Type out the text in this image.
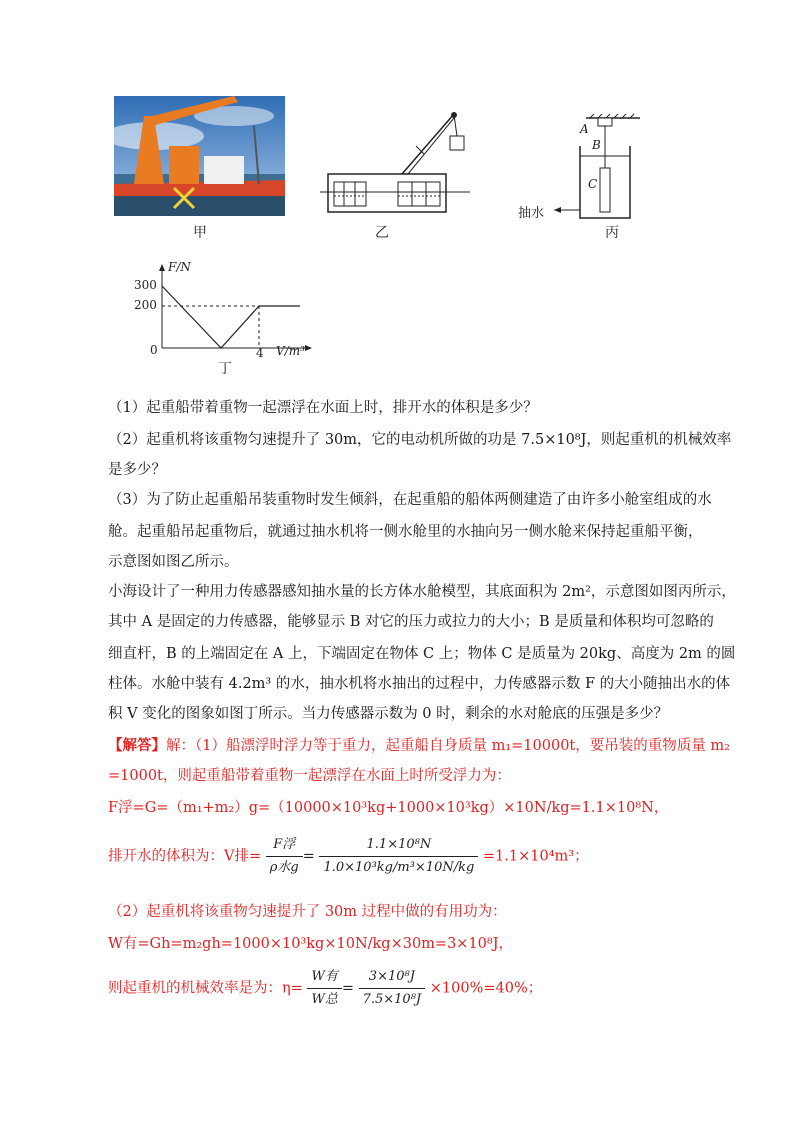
甲	乙
A
B
C
抽水
丙
F/N
300
200
0	4 V/m³
丁
（1）起重船带着重物一起漂浮在水面上时，排开水的体积是多少？
（2）起重机将该重物匀速提升了 30m，它的电动机所做的功是 7.5×10⁸J，则起重机的机械效率
是多少？
（3）为了防止起重船吊装重物时发生倾斜，在起重船的船体两侧建造了由许多小舱室组成的水
舱。起重船吊起重物后，就通过抽水机将一侧水舱里的水抽向另一侧水舱来保持起重船平衡，
示意图如图乙所示。
小海设计了一种用力传感器感知抽水量的长方体水舱模型，其底面积为 2m²，示意图如图丙所示，
其中 A 是固定的力传感器，能够显示 B 对它的压力或拉力的大小；B 是质量和体积均可忽略的
细直杆，B 的上端固定在 A 上，下端固定在物体 C 上；物体 C 是质量为 20kg、高度为 2m 的圆
柱体。水舱中装有 4.2m³ 的水，抽水机将水抽出的过程中，力传感器示数 F 的大小随抽出水的体
积 V 变化的图象如图丁所示。当力传感器示数为 0 时，剩余的水对舱底的压强是多少？
【解答】解：（1）船漂浮时浮力等于重力，起重船自身质量 m₁=10000t，要吊装的重物质量 m₂
=1000t，则起重船带着重物一起漂浮在水面上时所受浮力为：
F浮=G=（m₁+m₂）g=（10000×10³kg+1000×10³kg）×10N/kg=1.1×10⁸N，
排开水的体积为：V排= $\frac{\text{F浮}}{\text{ρ水g}} = \frac{\text{1.1×10⁸N}}{\text{1.0×10³kg/m³×10N/kg}} =1.1\times 10^4m^3$；
（2）起重机将该重物匀速提升了 30m 过程中做的有用功为：
W有=Gh=m₂gh=1000×10³kg×10N/kg×30m=3×10⁸J，
则起重机的机械效率是为：$\eta= \frac{\text{W有}}{\text{W总}} = \frac{\text{3×10⁸J}}{\text{7.5×10⁸J}} \times 100\%=40\%$；
